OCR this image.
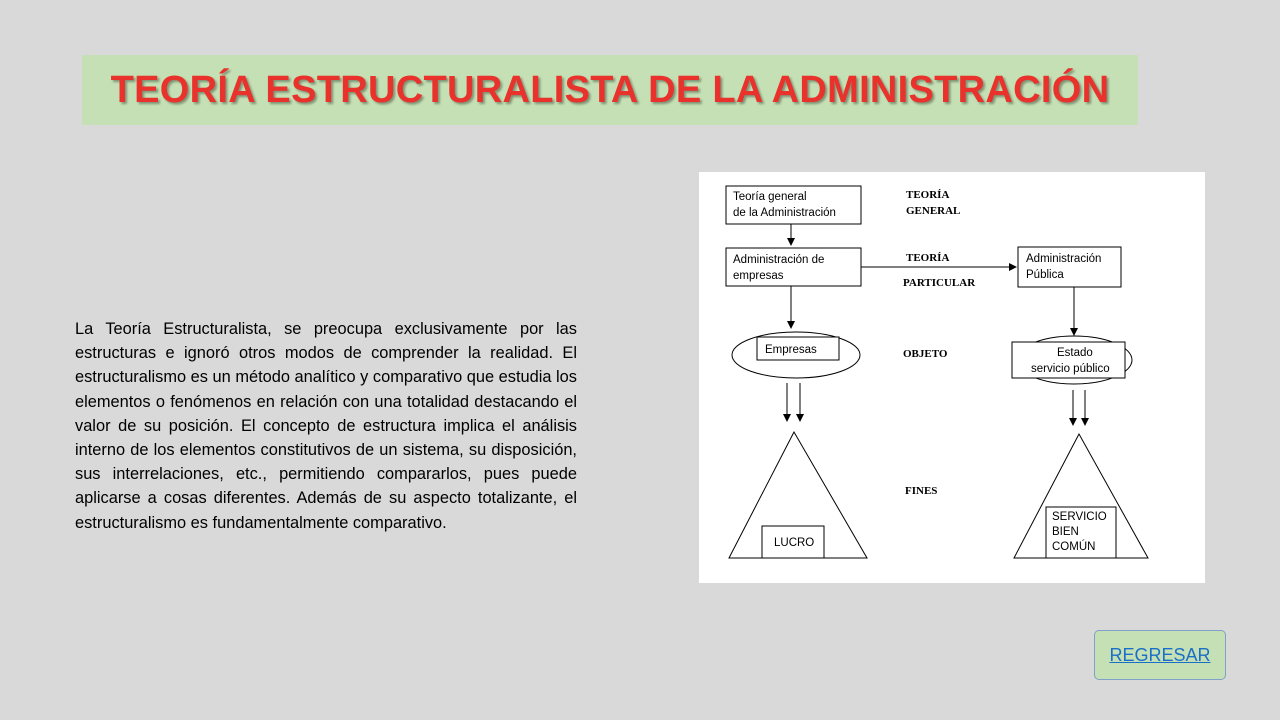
TEORÍA ESTRUCTURALISTA DE LA ADMINISTRACIÓN

La Teoría Estructuralista, se preocupa exclusivamente por las estructuras e ignoró otros modos de comprender la realidad. El estructuralismo es un método analítico y comparativo que estudia los elementos o fenómenos en relación con una totalidad destacando el valor de su posición. El concepto de estructura implica el análisis interno de los elementos constitutivos de un sistema, su disposición, sus interrelaciones, etc., permitiendo compararlos, pues puede aplicarse a cosas diferentes. Además de su aspecto totalizante, el estructuralismo es fundamentalmente comparativo.

Teoría general
de la Administración
TEORÍA
GENERAL
Administración de
empresas
TEORÍA
PARTICULAR
Administración
Pública
Empresas	OBJETO	Estado
servicio público
LUCRO
FINES
SERVICIO
BIEN
COMÚN
REGRESAR
